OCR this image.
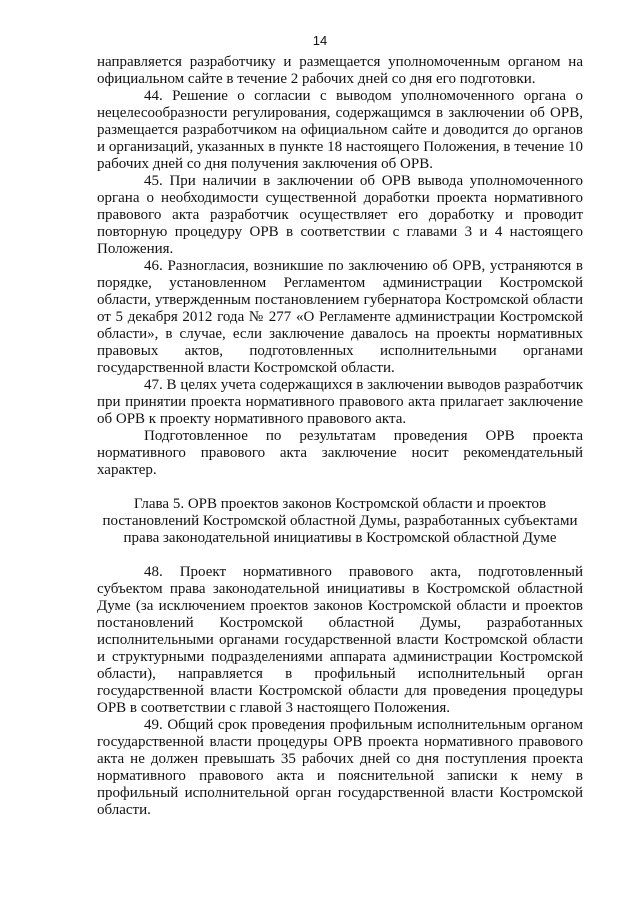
14

направляется разработчику и размещается уполномоченным органом на официальном сайте в течение 2 рабочих дней со дня его подготовки.

44. Решение о согласии с выводом уполномоченного органа о нецелесообразности регулирования, содержащимся в заключении об ОРВ, размещается разработчиком на официальном сайте и доводится до органов и организаций, указанных в пункте 18 настоящего Положения, в течение 10 рабочих дней со дня получения заключения об ОРВ.

45. При наличии в заключении об ОРВ вывода уполномоченного органа о необходимости существенной доработки проекта нормативного правового акта разработчик осуществляет его доработку и проводит повторную процедуру ОРВ в соответствии с главами 3 и 4 настоящего Положения.

46. Разногласия, возникшие по заключению об ОРВ, устраняются в порядке, установленном Регламентом администрации Костромской области, утвержденным постановлением губернатора Костромской области от 5 декабря 2012 года № 277 «О Регламенте администрации Костромской области», в случае, если заключение давалось на проекты нормативных правовых актов, подготовленных исполнительными органами государственной власти Костромской области.

47. В целях учета содержащихся в заключении выводов разработчик при принятии проекта нормативного правового акта прилагает заключение об ОРВ к проекту нормативного правового акта.

Подготовленное по результатам проведения ОРВ проекта нормативного правового акта заключение носит рекомендательный характер.

Глава 5. ОРВ проектов законов Костромской области и проектов

постановлений Костромской областной Думы, разработанных субъектами

права законодательной инициативы в Костромской областной Думе

48. Проект нормативного правового акта, подготовленный субъектом права законодательной инициативы в Костромской областной Думе (за исключением проектов законов Костромской области и проектов постановлений Костромской областной Думы, разработанных исполнительными органами государственной власти Костромской области и структурными подразделениями аппарата администрации Костромской области), направляется в профильный исполнительный орган государственной власти Костромской области для проведения процедуры ОРВ в соответствии с главой 3 настоящего Положения.

49. Общий срок проведения профильным исполнительным органом государственной власти процедуры ОРВ проекта нормативного правового акта не должен превышать 35 рабочих дней со дня поступления проекта нормативного правового акта и пояснительной записки к нему в профильный исполнительной орган государственной власти Костромской области.
